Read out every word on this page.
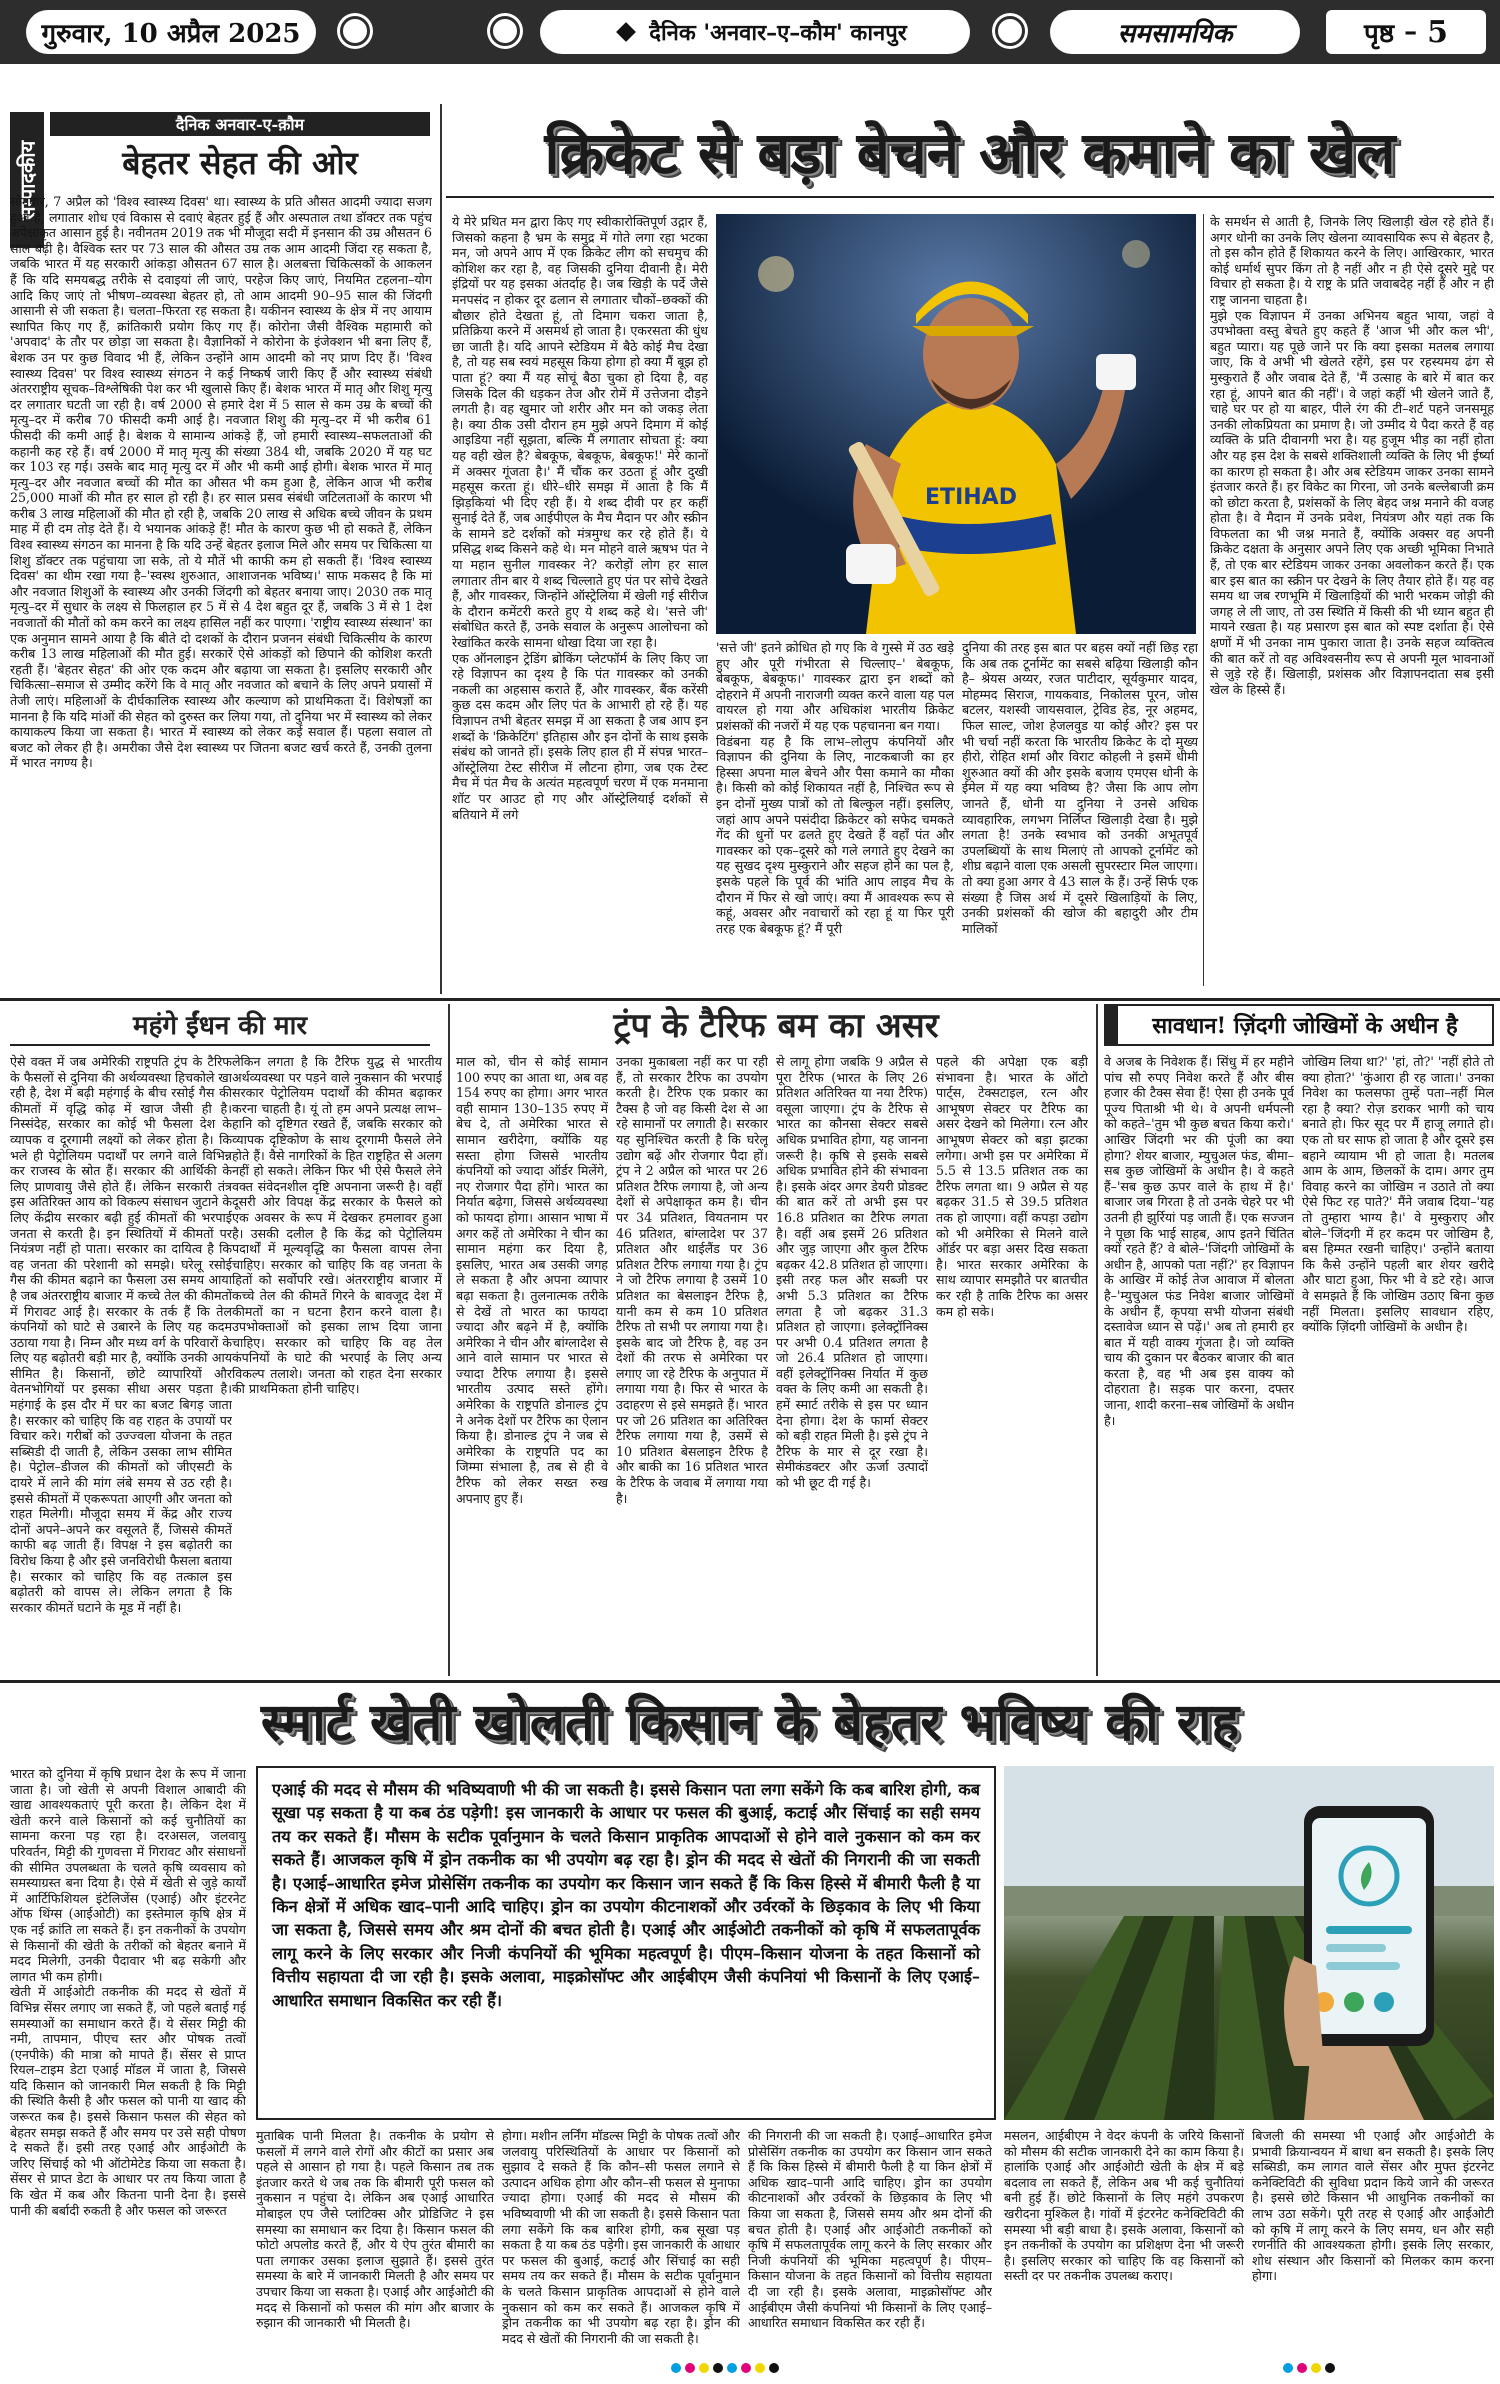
गुरुवार, 10 अप्रैल 2025	दैनिक 'अनवार–ए–कौम' कानपुर	समसामयिक	पृष्ठ – 5
सम्पादकीय
दैनिक अनवार-ए-क़ौम
बेहतर सेहत की ओर

सोमवार, 7 अप्रैल को 'विश्व स्वास्थ्य दिवस' था। स्वास्थ्य के प्रति औसत आदमी ज्यादा सजग हुआ है, लगातार शोध एवं विकास से दवाएं बेहतर हुई हैं और अस्पताल तथा डॉक्टर तक पहुंच अपेक्षाकृत आसान हुई है। नवीनतम 2019 तक भी मौजूदा सदी में इनसान की उम्र औसतन 6 साल बढ़ी है। वैश्विक स्तर पर 73 साल की औसत उम्र तक आम आदमी जिंदा रह सकता है, जबकि भारत में यह सरकारी आंकड़ा औसतन 67 साल है। अलबत्ता चिकित्सकों के आकलन हैं कि यदि समयबद्ध तरीके से दवाइयां ली जाएं, परहेज किए जाएं, नियमित टहलना–योग आदि किए जाएं तो भीषण–व्यवस्था बेहतर हो, तो आम आदमी 90–95 साल की जिंदगी आसानी से जी सकता है। चलता–फिरता रह सकता है। यकीनन स्वास्थ्य के क्षेत्र में नए आयाम स्थापित किए गए हैं, क्रांतिकारी प्रयोग किए गए हैं। कोरोना जैसी वैश्विक महामारी को 'अपवाद' के तौर पर छोड़ा जा सकता है। वैज्ञानिकों ने कोरोना के इंजेक्शन भी बना लिए हैं, बेशक उन पर कुछ विवाद भी हैं, लेकिन उन्होंने आम आदमी को नए प्राण दिए हैं। 'विश्व स्वास्थ्य दिवस' पर विश्व स्वास्थ्य संगठन ने कई निष्कर्ष जारी किए हैं और स्वास्थ्य संबंधी अंतरराष्ट्रीय सूचक–विश्लेषिकी पेश कर भी खुलासे किए हैं। बेशक भारत में मातृ और शिशु मृत्यु दर लगातार घटती जा रही है। वर्ष 2000 से हमारे देश में 5 साल से कम उम्र के बच्चों की मृत्यु–दर में करीब 70 फीसदी कमी आई है। नवजात शिशु की मृत्यु–दर में भी करीब 61 फीसदी की कमी आई है। बेशक ये सामान्य आंकड़े हैं, जो हमारी स्वास्थ्य–सफलताओं की कहानी कह रहे हैं। वर्ष 2000 में मातृ मृत्यु की संख्या 384 थी, जबकि 2020 में यह घट कर 103 रह गई। उसके बाद मातृ मृत्यु दर में और भी कमी आई होगी। बेशक भारत में मातृ मृत्यु–दर और नवजात बच्चों की मौत का औसत भी कम हुआ है, लेकिन आज भी करीब 25,000 माओं की मौत हर साल हो रही है। हर साल प्रसव संबंधी जटिलताओं के कारण भी करीब 3 लाख महिलाओं की मौत हो रही है, जबकि 20 लाख से अधिक बच्चे जीवन के प्रथम माह में ही दम तोड़ देते हैं। ये भयानक आंकड़े हैं! मौत के कारण कुछ भी हो सकते हैं, लेकिन विश्व स्वास्थ्य संगठन का मानना है कि यदि उन्हें बेहतर इलाज मिले और समय पर चिकित्सा या शिशु डॉक्टर तक पहुंचाया जा सके, तो ये मौतें भी काफी कम हो सकती हैं। 'विश्व स्वास्थ्य दिवस' का थीम रखा गया है–'स्वस्थ शुरुआत, आशाजनक भविष्य।' साफ मकसद है कि मां और नवजात शिशुओं के स्वास्थ्य और उनकी जिंदगी को बेहतर बनाया जाए। 2030 तक मातृ मृत्यु–दर में सुधार के लक्ष्य से फिलहाल हर 5 में से 4 देश बहुत दूर हैं, जबकि 3 में से 1 देश नवजातों की मौतों को कम करने का लक्ष्य हासिल नहीं कर पाएगा। 'राष्ट्रीय स्वास्थ्य संस्थान' का एक अनुमान सामने आया है कि बीते दो दशकों के दौरान प्रजनन संबंधी चिकित्सीय के कारण करीब 13 लाख महिलाओं की मौत हुई। सरकारें ऐसे आंकड़ों को छिपाने की कोशिश करती रहती हैं। 'बेहतर सेहत' की ओर एक कदम और बढ़ाया जा सकता है। इसलिए सरकारी और चिकित्सा–समाज से उम्मीद करेंगे कि वे मातृ और नवजात को बचाने के लिए अपने प्रयासों में तेजी लाएं। महिलाओं के दीर्घकालिक स्वास्थ्य और कल्याण को प्राथमिकता दें। विशेषज्ञों का मानना है कि यदि मांओं की सेहत को दुरुस्त कर लिया गया, तो दुनिया भर में स्वास्थ्य को लेकर कायाकल्प किया जा सकता है। भारत में स्वास्थ्य को लेकर कई सवाल हैं। पहला सवाल तो बजट को लेकर ही है। अमरीका जैसे देश स्वास्थ्य पर जितना बजट खर्च करते हैं, उनकी तुलना में भारत नगण्य है।

क्रिकेट से बड़ा बेचने और कमाने का खेल

ये मेरे प्रथित मन द्वारा किए गए स्वीकारोक्तिपूर्ण उद्गार हैं, जिसको कहना है भ्रम के समुद्र में गोते लगा रहा भटका मन, जो अपने आप में एक क्रिकेट लीग को सचमुच की कोशिश कर रहा है, वह जिसकी दुनिया दीवानी है। मेरी इंद्रियों पर यह इसका अंतर्दाह है। जब खिड़ी के पर्दे जैसे मनपसंद न होकर दूर ढलान से लगातार चौकों–छक्कों की बौछार होते देखता हूं, तो दिमाग चकरा जाता है, प्रतिक्रिया करने में असमर्थ हो जाता है। एकरसता की धुंध छा जाती है। यदि आपने स्टेडियम में बैठे कोई मैच देखा है, तो यह सब स्वयं महसूस किया होगा हो क्या मैं बूझ हो पाता हूं? क्या मैं यह सोचूं बैठा चुका हो दिया है, वह जिसके दिल की धड़कन तेज और रोमें में उत्तेजना दौड़ने लगती है। वह खुमार जो शरीर और मन को जकड़ लेता है। क्या ठीक उसी दौरान हम मुझे अपने दिमाग में कोई आइडिया नहीं सूझता, बल्कि मैं लगातार सोचता हूं: क्या यह वही खेल है? बेबकूफ, बेबकूफ, बेबकूफ!' मेरे कानों में अक्सर गूंजता है।' मैं चौंक कर उठता हूं और दुखी महसूस करता हूं। धीरे–धीरे समझ में आता है कि मैं झिड़कियां भी दिए रही हैं। ये शब्द दीवी पर हर कहीं सुनाई देते हैं, जब आईपीएल के मैच मैदान पर और स्क्रीन के सामने डटे दर्शकों को मंत्रमुग्ध कर रहे होते हैं। ये प्रसिद्ध शब्द किसने कहे थे। मन मोहने वाले ऋषभ पंत ने या महान सुनील गावस्कर ने? करोड़ों लोग हर साल लगातार तीन बार ये शब्द चिल्लाते हुए पंत पर सोचे देखते हैं, और गावस्कर, जिन्होंने ऑस्ट्रेलिया में खेली गई सीरीज के दौरान कमेंटरी करते हुए ये शब्द कहे थे। 'सत्ते जी' संबोधित करते हैं, उनके सवाल के अनुरूप आलोचना को रेखांकित करके सामना धोखा दिया जा रहा है।
एक ऑनलाइन ट्रेडिंग ब्रोकिंग प्लेटफॉर्म के लिए किए जा रहे विज्ञापन का दृश्य है कि पंत गावस्कर को उनकी नकली का अहसास कराते हैं, और गावस्कर, बैंक करेंसी कुछ दस कदम और लिए पंत के आभारी हो रहे हैं। यह विज्ञापन तभी बेहतर समझ में आ सकता है जब आप इन शब्दों के 'क्रिकेटिंग' इतिहास और इन दोनों के साथ इसके संबंध को जानते हों। इसके लिए हाल ही में संपन्न भारत–ऑस्ट्रेलिया टेस्ट सीरीज में लौटना होगा, जब एक टेस्ट मैच में पंत मैच के अत्यंत महत्वपूर्ण चरण में एक मनमाना शॉट पर आउट हो गए और ऑस्ट्रेलियाई दर्शकों से बतियाने में लगे

ETIHAD

'सत्ते जी' इतने क्रोधित हो गए कि वे गुस्से में उठ खड़े हुए और पूरी गंभीरता से चिल्लाए–' बेबकूफ, बेबकूफ, बेबकूफ।' गावस्कर द्वारा इन शब्दों को दोहराने में अपनी नाराजगी व्यक्त करने वाला यह पल वायरल हो गया और अधिकांश भारतीय क्रिकेट प्रशंसकों की नजरों में यह एक पहचानना बन गया।
विडंबना यह है कि लाभ–लोलुप कंपनियों और विज्ञापन की दुनिया के लिए, नाटकबाजी का हर हिस्सा अपना माल बेचने और पैसा कमाने का मौका है। किसी को कोई शिकायत नहीं है, निश्चित रूप से इन दोनों मुख्य पात्रों को तो बिल्कुल नहीं। इसलिए, जहां आप अपने पसंदीदा क्रिकेटर को सफेद चमकते गेंद की धुनों पर ढलते हुए देखते हैं वहाँ पंत और गावस्कर को एक–दूसरे को गले लगाते हुए देखने का यह सुखद दृश्य मुस्कुराने और सहज होने का पल है, इसके पहले कि पूर्व की भांति आप लाइव मैच के दौरान में फिर से खो जाएं। क्या मैं आवश्यक रूप से कहूं, अवसर और नवाचारों को रहा हूं या फिर पूरी तरह एक बेबकूफ हूं? मैं पूरी

दुनिया की तरह इस बात पर बहस क्यों नहीं छिड़ रहा कि अब तक टूर्नामेंट का सबसे बढ़िया खिलाड़ी कौन है– श्रेयस अय्यर, रजत पाटीदार, सूर्यकुमार यादव, मोहम्मद सिराज, गायकवाड, निकोलस पूरन, जोस बटलर, यशस्वी जायसवाल, ट्रेविड हेड, नूर अहमद, फिल साल्ट, जोश हेजलवुड या कोई और? इस पर भी चर्चा नहीं करता कि भारतीय क्रिकेट के दो मुख्य हीरो, रोहित शर्मा और विराट कोहली ने इसमें धीमी शुरुआत क्यों की और इसके बजाय एमएस धोनी के ईमेल में यह क्या भविष्य है? जैसा कि आप लोग जानते हैं, धोनी या दुनिया ने उनसे अधिक व्यावहारिक, लगभग निर्लिप्त खिलाड़ी देखा है। मुझे लगता है! उनके स्वभाव को उनकी अभूतपूर्व उपलब्धियों के साथ मिलाएं तो आपको टूर्नामेंट को शीघ्र बढ़ाने वाला एक असली सुपरस्टार मिल जाएगा। तो क्या हुआ अगर वे 43 साल के हैं। उन्हें सिर्फ एक संख्या है जिस अर्थ में दूसरे खिलाड़ियों के लिए, उनकी प्रशंसकों की खोज की बहादुरी और टीम मालिकों

के समर्थन से आती है, जिनके लिए खिलाड़ी खेल रहे होते हैं। अगर धोनी का उनके लिए खेलना व्यावसायिक रूप से बेहतर है, तो इस कौन होते हैं शिकायत करने के लिए। आखिरकार, भारत कोई धर्मार्थ सुपर किंग तो है नहीं और न ही ऐसे दूसरे मुद्दे पर विचार हो सकता है। ये राष्ट्र के प्रति जवाबदेह नहीं हैं और न ही राष्ट्र जानना चाहता है।
मुझे एक विज्ञापन में उनका अभिनय बहुत भाया, जहां वे उपभोक्ता वस्तु बेचते हुए कहते हैं 'आज भी और कल भी', बहुत प्यारा। यह पूछे जाने पर कि क्या इसका मतलब लगाया जाए, कि वे अभी भी खेलते रहेंगे, इस पर रहस्यमय ढंग से मुस्कुराते हैं और जवाब देते हैं, 'मैं उत्साह के बारे में बात कर रहा हूं, आपने बात की नहीं'। वे जहां कहीं भी खेलने जाते हैं, चाहे घर पर हो या बाहर, पीले रंग की टी–शर्ट पहने जनसमूह उनकी लोकप्रियता का प्रमाण है। जो उम्मीद ये पैदा करते हैं वह व्यक्ति के प्रति दीवानगी भरा है। यह हुजूम भीड़ का नहीं होता और यह इस देश के सबसे शक्तिशाली व्यक्ति के लिए भी ईर्ष्या का कारण हो सकता है। और अब स्टेडियम जाकर उनका सामने इंतजार करते हैं। हर विकेट का गिरना, जो उनके बल्लेबाजी क्रम को छोटा करता है, प्रशंसकों के लिए बेहद जश्न मनाने की वजह होता है। वे मैदान में उनके प्रवेश, नियंत्रण और यहां तक कि विफलता का भी जश्न मनाते हैं, क्योंकि अक्सर वह अपनी क्रिकेट दक्षता के अनुसार अपने लिए एक अच्छी भूमिका निभाते हैं, तो एक बार स्टेडियम जाकर उनका अवलोकन करते हैं। एक बार इस बात का स्क्रीन पर देखने के लिए तैयार होते हैं। यह वह समय था जब रणभूमि में खिलाड़ियों की भारी भरकम जोड़ी की जगह ले ली जाए, तो उस स्थिति में किसी की भी ध्यान बहुत ही मायने रखता है। यह प्रसारण इस बात को स्पष्ट दर्शाता है। ऐसे क्षणों में भी उनका नाम पुकारा जाता है। उनके सहज व्यक्तित्व की बात करें तो वह अविश्वसनीय रूप से अपनी मूल भावनाओं से जुड़े रहे हैं। खिलाड़ी, प्रशंसक और विज्ञापनदाता सब इसी खेल के हिस्से हैं।

महंगे ईंधन की मार

ऐसे वक्त में जब अमेरिकी राष्ट्रपति ट्रंप के टैरिफ के फैसलों से दुनिया की अर्थव्यवस्था हिचकोले खा रही है, देश में बढ़ी महंगाई के बीच रसोई गैस की कीमतों में वृद्धि कोढ़ में खाज जैसी ही है। निस्संदेह, सरकार का कोई भी फैसला देश के व्यापक व दूरगामी लक्ष्यों को लेकर होता है। कि भले ही पेट्रोलियम पदार्थों पर लगने वाले विभिन्न कर राजस्व के स्रोत हैं। सरकार की आर्थिकी के लिए प्राणवायु जैसे होते हैं। लेकिन सरकारी तंत्र इस अतिरिक्त आय को विकल्प संसाधन जुटाने के लिए केंद्रीय सरकार बढ़ी हुई कीमतों की भरपाई जनता से करती है। इन स्थितियों में कीमतों पर नियंत्रण नहीं हो पाता। सरकार का दायित्व है कि वह जनता की परेशानी को समझे। घरेलू रसोई गैस की कीमत बढ़ाने का फैसला उस समय आया है जब अंतरराष्ट्रीय बाजार में कच्चे तेल की कीमतों में गिरावट आई है। सरकार के तर्क हैं कि तेल कंपनियों को घाटे से उबारने के लिए यह कदम उठाया गया है। निम्न और मध्य वर्ग के परिवारों के लिए यह बढ़ोतरी बड़ी मार है, क्योंकि उनकी आय सीमित है। किसानों, छोटे व्यापारियों और वेतनभोगियों पर इसका सीधा असर पड़ता है। महंगाई के इस दौर में घर का बजट बिगड़ जाता है। सरकार को चाहिए कि वह राहत के उपायों पर विचार करे। गरीबों को उज्ज्वला योजना के तहत सब्सिडी दी जाती है, लेकिन उसका लाभ सीमित है। पेट्रोल–डीजल की कीमतों को जीएसटी के दायरे में लाने की मांग लंबे समय से उठ रही है। इससे कीमतों में एकरूपता आएगी और जनता को राहत मिलेगी। मौजूदा समय में केंद्र और राज्य दोनों अपने–अपने कर वसूलते हैं, जिससे कीमतें काफी बढ़ जाती हैं। विपक्ष ने इस बढ़ोतरी का विरोध किया है और इसे जनविरोधी फैसला बताया है। सरकार को चाहिए कि वह तत्काल इस बढ़ोतरी को वापस ले। लेकिन लगता है कि सरकार कीमतें घटाने के मूड में नहीं है।

लेकिन लगता है कि टैरिफ युद्ध से भारतीय अर्थव्यवस्था पर पड़ने वाले नुकसान की भरपाई सरकार पेट्रोलियम पदार्थों की कीमत बढ़ाकर करना चाहती है। यूं तो हम अपने प्रत्यक्ष लाभ–हानि को दृष्टिगत रखते हैं, जबकि सरकार को व्यापक दृष्टिकोण के साथ दूरगामी फैसले लेने होते हैं। वैसे नागरिकों के हित राष्ट्रहित से अलग नहीं हो सकते। लेकिन फिर भी ऐसे फैसले लेने वक्त संवेदनशील दृष्टि अपनाना जरूरी है। वहीं दूसरी ओर विपक्ष केंद्र सरकार के फैसले को एक अवसर के रूप में देखकर हमलावर हुआ है। उसकी दलील है कि केंद्र को पेट्रोलियम पदार्थों में मूल्यवृद्धि का फैसला वापस लेना चाहिए। सरकार को चाहिए कि वह जनता के हितों को सर्वोपरि रखे। अंतरराष्ट्रीय बाजार में कच्चे तेल की कीमतें गिरने के बावजूद देश में कीमतों का न घटना हैरान करने वाला है। उपभोक्ताओं को इसका लाभ दिया जाना चाहिए। सरकार को चाहिए कि वह तेल कंपनियों के घाटे की भरपाई के लिए अन्य विकल्प तलाशे। जनता को राहत देना सरकार की प्राथमिकता होनी चाहिए।

ट्रंप के टैरिफ बम का असर

माल को, चीन से कोई सामान 100 रुपए का आता था, अब वह 154 रुपए का होगा। अगर भारत वही सामान 130–135 रुपए में बेच दे, तो अमेरिका भारत से सामान खरीदेगा, क्योंकि यह सस्ता होगा जिससे भारतीय कंपनियों को ज्यादा ऑर्डर मिलेंगे, नए रोजगार पैदा होंगे। भारत का निर्यात बढ़ेगा, जिससे अर्थव्यवस्था को फायदा होगा। आसान भाषा में अगर कहें तो अमेरिका ने चीन का सामान महंगा कर दिया है, इसलिए, भारत अब उसकी जगह ले सकता है और अपना व्यापार बढ़ा सकता है। तुलनात्मक तरीके से देखें तो भारत का फायदा ज्यादा और बढ़ने में है, क्योंकि अमेरिका ने चीन और बांग्लादेश से आने वाले सामान पर भारत से ज्यादा टैरिफ लगाया है। इससे भारतीय उत्पाद सस्ते होंगे। अमेरिका के राष्ट्रपति डोनाल्ड ट्रंप ने अनेक देशों पर टैरिफ का ऐलान किया है। डोनाल्ड ट्रंप ने जब से अमेरिका के राष्ट्रपति पद का जिम्मा संभाला है, तब से ही वे टैरिफ को लेकर सख्त रुख अपनाए हुए हैं।

उनका मुकाबला नहीं कर पा रही हैं, तो सरकार टैरिफ का उपयोग करती है। टैरिफ एक प्रकार का टैक्स है जो वह किसी देश से आ रहे सामानों पर लगाती है। सरकार यह सुनिश्चित करती है कि घरेलू उद्योग बढ़ें और रोजगार पैदा हों। ट्रंप ने 2 अप्रैल को भारत पर 26 प्रतिशत टैरिफ लगाया है, जो अन्य देशों से अपेक्षाकृत कम है। चीन पर 34 प्रतिशत, वियतनाम पर 46 प्रतिशत, बांग्लादेश पर 37 प्रतिशत और थाईलैंड पर 36 प्रतिशत टैरिफ लगाया गया है। ट्रंप ने जो टैरिफ लगाया है उसमें 10 प्रतिशत का बेसलाइन टैरिफ है, यानी कम से कम 10 प्रतिशत टैरिफ तो सभी पर लगाया गया है। इसके बाद जो टैरिफ है, वह उन देशों की तरफ से अमेरिका पर लगाए जा रहे टैरिफ के अनुपात में लगाया गया है। फिर से भारत के उदाहरण से इसे समझते हैं। भारत पर जो 26 प्रतिशत का अतिरिक्त टैरिफ लगाया गया है, उसमें से 10 प्रतिशत बेसलाइन टैरिफ है और बाकी का 16 प्रतिशत भारत के टैरिफ के जवाब में लगाया गया है।

से लागू होगा जबकि 9 अप्रैल से पूरा टैरिफ (भारत के लिए 26 प्रतिशत अतिरिक्त या नया टैरिफ) वसूला जाएगा। ट्रंप के टैरिफ से भारत का कौनसा सेक्टर सबसे अधिक प्रभावित होगा, यह जानना जरूरी है। कृषि से इसके सबसे अधिक प्रभावित होने की संभावना है। इसके अंदर अगर डेयरी प्रोडक्ट की बात करें तो अभी इस पर 16.8 प्रतिशत का टैरिफ लगता है। वहीं अब इसमें 26 प्रतिशत और जुड़ जाएगा और कुल टैरिफ बढ़कर 42.8 प्रतिशत हो जाएगा। इसी तरह फल और सब्जी पर अभी 5.3 प्रतिशत का टैरिफ लगता है जो बढ़कर 31.3 प्रतिशत हो जाएगा। इलेक्ट्रॉनिक्स पर अभी 0.4 प्रतिशत लगता है जो 26.4 प्रतिशत हो जाएगा। वहीं इलेक्ट्रॉनिक्स निर्यात में कुछ वक्त के लिए कमी आ सकती है। हमें स्मार्ट तरीके से इस पर ध्यान देना होगा। देश के फार्मा सेक्टर को बड़ी राहत मिली है। इसे ट्रंप ने टैरिफ के मार से दूर रखा है। सेमीकंडक्टर और ऊर्जा उत्पादों को भी छूट दी गई है।

पहले की अपेक्षा एक बड़ी संभावना है। भारत के ऑटो पार्ट्स, टेक्सटाइल, रत्न और आभूषण सेक्टर पर टैरिफ का असर देखने को मिलेगा। रत्न और आभूषण सेक्टर को बड़ा झटका लगेगा। अभी इस पर अमेरिका में 5.5 से 13.5 प्रतिशत तक का टैरिफ लगता था। 9 अप्रैल से यह बढ़कर 31.5 से 39.5 प्रतिशत तक हो जाएगा। वहीं कपड़ा उद्योग को भी अमेरिका से मिलने वाले ऑर्डर पर बड़ा असर दिख सकता है। भारत सरकार अमेरिका के साथ व्यापार समझौते पर बातचीत कर रही है ताकि टैरिफ का असर कम हो सके।

सावधान! ज़िंदगी जोखिमों के अधीन है

वे अजब के निवेशक हैं। सिंधु में हर महीने पांच सौ रुपए निवेश करते हैं और बीस हजार की टैक्स सेवा हैं! ऐसा ही उनके पूर्व पूज्य पिताश्री भी थे। वे अपनी धर्मपत्नी को कहते–'तुम भी कुछ बचत किया करो।' आखिर जिंदगी भर की पूंजी का क्या होगा? शेयर बाजार, म्युचुअल फंड, बीमा–सब कुछ जोखिमों के अधीन है। वे कहते हैं–'सब कुछ ऊपर वाले के हाथ में है।' बाजार जब गिरता है तो उनके चेहरे पर भी उतनी ही झुर्रियां पड़ जाती हैं। एक सज्जन ने पूछा कि भाई साहब, आप इतने चिंतित क्यों रहते हैं? वे बोले–'जिंदगी जोखिमों के अधीन है, आपको पता नहीं?' हर विज्ञापन के आखिर में कोई तेज आवाज में बोलता है–'म्युचुअल फंड निवेश बाजार जोखिमों के अधीन हैं, कृपया सभी योजना संबंधी दस्तावेज ध्यान से पढ़ें।' अब तो हमारी हर बात में यही वाक्य गूंजता है। जो व्यक्ति चाय की दुकान पर बैठकर बाजार की बात करता है, वह भी अब इस वाक्य को दोहराता है। सड़क पार करना, दफ्तर जाना, शादी करना–सब जोखिमों के अधीन है।

जोखिम लिया था?' 'हां, तो?' 'नहीं होते तो क्या होता?' 'कुंआरा ही रह जाता।' उनका निवेश का फलसफा तुम्हें पता–नहीं मिल रहा है क्या? रोज़ डराकर भागी को चाय बनाते हो। फिर सूद पर मैं हाजू लगाते हो। एक तो घर साफ हो जाता है और दूसरे इस बहाने व्यायाम भी हो जाता है। मतलब आम के आम, छिलकों के दाम। अगर तुम विवाह करने का जोखिम न उठाते तो क्या ऐसे फिट रह पाते?' मैंने जवाब दिया–'यह तो तुम्हारा भाग्य है।' वे मुस्कुराए और बोले–'जिंदगी में हर कदम पर जोखिम है, बस हिम्मत रखनी चाहिए।' उन्होंने बताया कि कैसे उन्होंने पहली बार शेयर खरीदे और घाटा हुआ, फिर भी वे डटे रहे। आज वे समझते हैं कि जोखिम उठाए बिना कुछ नहीं मिलता। इसलिए सावधान रहिए, क्योंकि ज़िंदगी जोखिमों के अधीन है।

स्मार्ट खेती खोलती किसान के बेहतर भविष्य की राह

भारत को दुनिया में कृषि प्रधान देश के रूप में जाना जाता है। जो खेती से अपनी विशाल आबादी की खाद्य आवश्यकताएं पूरी करता है। लेकिन देश में खेती करने वाले किसानों को कई चुनौतियों का सामना करना पड़ रहा है। दरअसल, जलवायु परिवर्तन, मिट्टी की गुणवत्ता में गिरावट और संसाधनों की सीमित उपलब्धता के चलते कृषि व्यवसाय को समस्याग्रस्त बना दिया है। ऐसे में खेती से जुड़े कार्यों में आर्टिफिशियल इंटेलिजेंस (एआई) और इंटरनेट ऑफ थिंग्स (आईओटी) का इस्तेमाल कृषि क्षेत्र में एक नई क्रांति ला सकते हैं। इन तकनीकों के उपयोग से किसानों की खेती के तरीकों को बेहतर बनाने में मदद मिलेगी, उनकी पैदावार भी बढ़ सकेगी और लागत भी कम होगी।
खेती में आईओटी तकनीक की मदद से खेतों में विभिन्न सेंसर लगाए जा सकते हैं, जो पहले बताई गई समस्याओं का समाधान करते हैं। ये सेंसर मिट्टी की नमी, तापमान, पीएच स्तर और पोषक तत्वों (एनपीके) की मात्रा को मापते हैं। सेंसर से प्राप्त रियल–टाइम डेटा एआई मॉडल में जाता है, जिससे यदि किसान को जानकारी मिल सकती है कि मिट्टी की स्थिति कैसी है और फसल को पानी या खाद की जरूरत कब है। इससे किसान फसल की सेहत को बेहतर समझ सकते हैं और समय पर उसे सही पोषण दे सकते हैं। इसी तरह एआई और आईओटी के जरिए सिंचाई को भी ऑटोमेटेड किया जा सकता है। सेंसर से प्राप्त डेटा के आधार पर तय किया जाता है कि खेत में कब और कितना पानी देना है। इससे पानी की बर्बादी रुकती है और फसल को जरूरत

एआई की मदद से मौसम की भविष्यवाणी भी की जा सकती है। इससे किसान पता लगा सकेंगे कि कब बारिश होगी, कब सूखा पड़ सकता है या कब ठंड पड़ेगी! इस जानकारी के आधार पर फसल की बुआई, कटाई और सिंचाई का सही समय तय कर सकते हैं। मौसम के सटीक पूर्वानुमान के चलते किसान प्राकृतिक आपदाओं से होने वाले नुकसान को कम कर सकते हैं। आजकल कृषि में ड्रोन तकनीक का भी उपयोग बढ़ रहा है। ड्रोन की मदद से खेतों की निगरानी की जा सकती है। एआई–आधारित इमेज प्रोसेसिंग तकनीक का उपयोग कर किसान जान सकते हैं कि किस हिस्से में बीमारी फैली है या किन क्षेत्रों में अधिक खाद–पानी आदि चाहिए। ड्रोन का उपयोग कीटनाशकों और उर्वरकों के छिड़काव के लिए भी किया जा सकता है, जिससे समय और श्रम दोनों की बचत होती है। एआई और आईओटी तकनीकों को कृषि में सफलतापूर्वक लागू करने के लिए सरकार और निजी कंपनियों की भूमिका महत्वपूर्ण है। पीएम–किसान योजना के तहत किसानों को वित्तीय सहायता दी जा रही है। इसके अलावा, माइक्रोसॉफ्ट और आईबीएम जैसी कंपनियां भी किसानों के लिए एआई–आधारित समाधान विकसित कर रही हैं।

मुताबिक पानी मिलता है। तकनीक के प्रयोग से फसलों में लगने वाले रोगों और कीटों का प्रसार अब पहले से आसान हो गया है। पहले किसान तब तक इंतजार करते थे जब तक कि बीमारी पूरी फसल को नुकसान न पहुंचा दे। लेकिन अब एआई आधारित मोबाइल एप जैसे प्लांटिक्स और प्रोडिजिट ने इस समस्या का समाधान कर दिया है। किसान फसल की फोटो अपलोड करते हैं, और ये ऐप तुरंत बीमारी का पता लगाकर उसका इलाज सुझाते हैं। इससे तुरंत समस्या के बारे में जानकारी मिलती है और समय पर उपचार किया जा सकता है। एआई और आईओटी की मदद से किसानों को फसल की मांग और बाजार के रुझान की जानकारी भी मिलती है।

होगा। मशीन लर्निंग मॉडल्स मिट्टी के पोषक तत्वों और जलवायु परिस्थितियों के आधार पर किसानों को सुझाव दे सकते हैं कि कौन–सी फसल लगाने से उत्पादन अधिक होगा और कौन–सी फसल से मुनाफा ज्यादा होगा। एआई की मदद से मौसम की भविष्यवाणी भी की जा सकती है। इससे किसान पता लगा सकेंगे कि कब बारिश होगी, कब सूखा पड़ सकता है या कब ठंड पड़ेगी। इस जानकारी के आधार पर फसल की बुआई, कटाई और सिंचाई का सही समय तय कर सकते हैं। मौसम के सटीक पूर्वानुमान के चलते किसान प्राकृतिक आपदाओं से होने वाले नुकसान को कम कर सकते हैं। आजकल कृषि में ड्रोन तकनीक का भी उपयोग बढ़ रहा है। ड्रोन की मदद से खेतों की निगरानी की जा सकती है।

की निगरानी की जा सकती है। एआई–आधारित इमेज प्रोसेसिंग तकनीक का उपयोग कर किसान जान सकते हैं कि किस हिस्से में बीमारी फैली है या किन क्षेत्रों में अधिक खाद–पानी आदि चाहिए। ड्रोन का उपयोग कीटनाशकों और उर्वरकों के छिड़काव के लिए भी किया जा सकता है, जिससे समय और श्रम दोनों की बचत होती है। एआई और आईओटी तकनीकों को कृषि में सफलतापूर्वक लागू करने के लिए सरकार और निजी कंपनियों की भूमिका महत्वपूर्ण है। पीएम–किसान योजना के तहत किसानों को वित्तीय सहायता दी जा रही है। इसके अलावा, माइक्रोसॉफ्ट और आईबीएम जैसी कंपनियां भी किसानों के लिए एआई–आधारित समाधान विकसित कर रही हैं।

मसलन, आईबीएम ने वेदर कंपनी के जरिये किसानों को मौसम की सटीक जानकारी देने का काम किया है। हालांकि एआई और आईओटी खेती के क्षेत्र में बड़े बदलाव ला सकते हैं, लेकिन अब भी कई चुनौतियां बनी हुई हैं। छोटे किसानों के लिए महंगे उपकरण खरीदना मुश्किल है। गांवों में इंटरनेट कनेक्टिविटी की समस्या भी बड़ी बाधा है। इसके अलावा, किसानों को इन तकनीकों के उपयोग का प्रशिक्षण देना भी जरूरी है। इसलिए सरकार को चाहिए कि वह किसानों को सस्ती दर पर तकनीक उपलब्ध कराए।

बिजली की समस्या भी एआई और आईओटी के प्रभावी क्रियान्वयन में बाधा बन सकती है। इसके लिए सब्सिडी, कम लागत वाले सेंसर और मुफ्त इंटरनेट कनेक्टिविटी की सुविधा प्रदान किये जाने की जरूरत है। इससे छोटे किसान भी आधुनिक तकनीकों का लाभ उठा सकेंगे। पूरी तरह से एआई और आईओटी को कृषि में लागू करने के लिए समय, धन और सही रणनीति की आवश्यकता होगी। इसके लिए सरकार, शोध संस्थान और किसानों को मिलकर काम करना होगा।
